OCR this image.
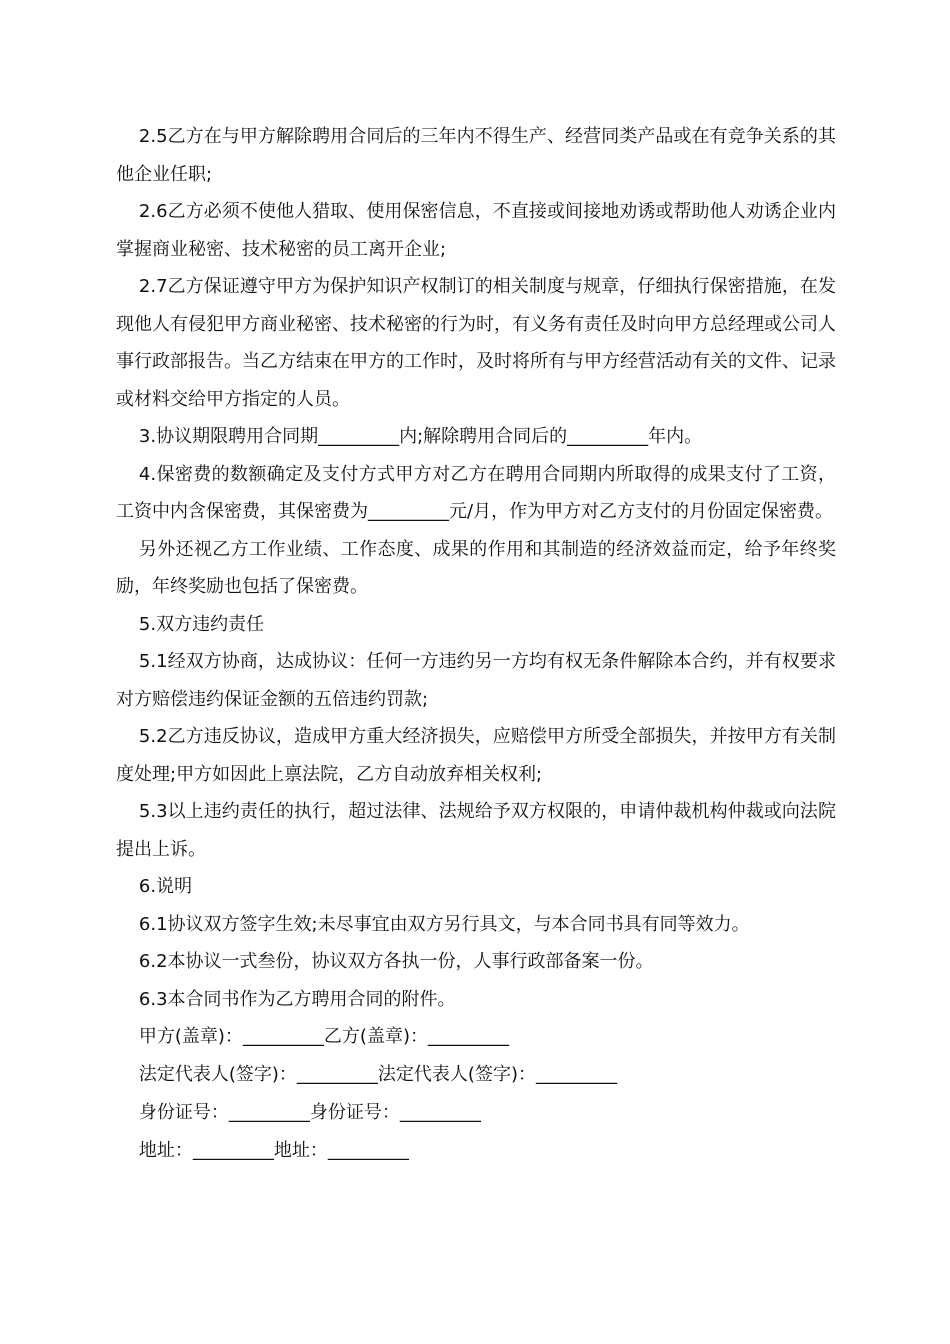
2.5乙方在与甲方解除聘用合同后的三年内不得生产、经营同类产品或在有竞争关系的其他企业任职;

2.6乙方必须不使他人猎取、使用保密信息，不直接或间接地劝诱或帮助他人劝诱企业内掌握商业秘密、技术秘密的员工离开企业;

2.7乙方保证遵守甲方为保护知识产权制订的相关制度与规章，仔细执行保密措施，在发现他人有侵犯甲方商业秘密、技术秘密的行为时，有义务有责任及时向甲方总经理或公司人事行政部报告。当乙方结束在甲方的工作时，及时将所有与甲方经营活动有关的文件、记录或材料交给甲方指定的人员。

3.协议期限聘用合同期_________内;解除聘用合同后的_________年内。

4.保密费的数额确定及支付方式甲方对乙方在聘用合同期内所取得的成果支付了工资，工资中内含保密费，其保密费为_________元/月，作为甲方对乙方支付的月份固定保密费。

另外还视乙方工作业绩、工作态度、成果的作用和其制造的经济效益而定，给予年终奖励，年终奖励也包括了保密费。

5.双方违约责任

5.1经双方协商，达成协议：任何一方违约另一方均有权无条件解除本合约，并有权要求对方赔偿违约保证金额的五倍违约罚款;

5.2乙方违反协议，造成甲方重大经济损失，应赔偿甲方所受全部损失，并按甲方有关制度处理;甲方如因此上禀法院，乙方自动放弃相关权利;

5.3以上违约责任的执行，超过法律、法规给予双方权限的，申请仲裁机构仲裁或向法院提出上诉。

6.说明

6.1协议双方签字生效;未尽事宜由双方另行具文，与本合同书具有同等效力。

6.2本协议一式叁份，协议双方各执一份，人事行政部备案一份。

6.3本合同书作为乙方聘用合同的附件。

甲方(盖章)：_________乙方(盖章)：_________

法定代表人(签字)：_________法定代表人(签字)：_________

身份证号：_________身份证号：_________

地址：_________地址：_________
